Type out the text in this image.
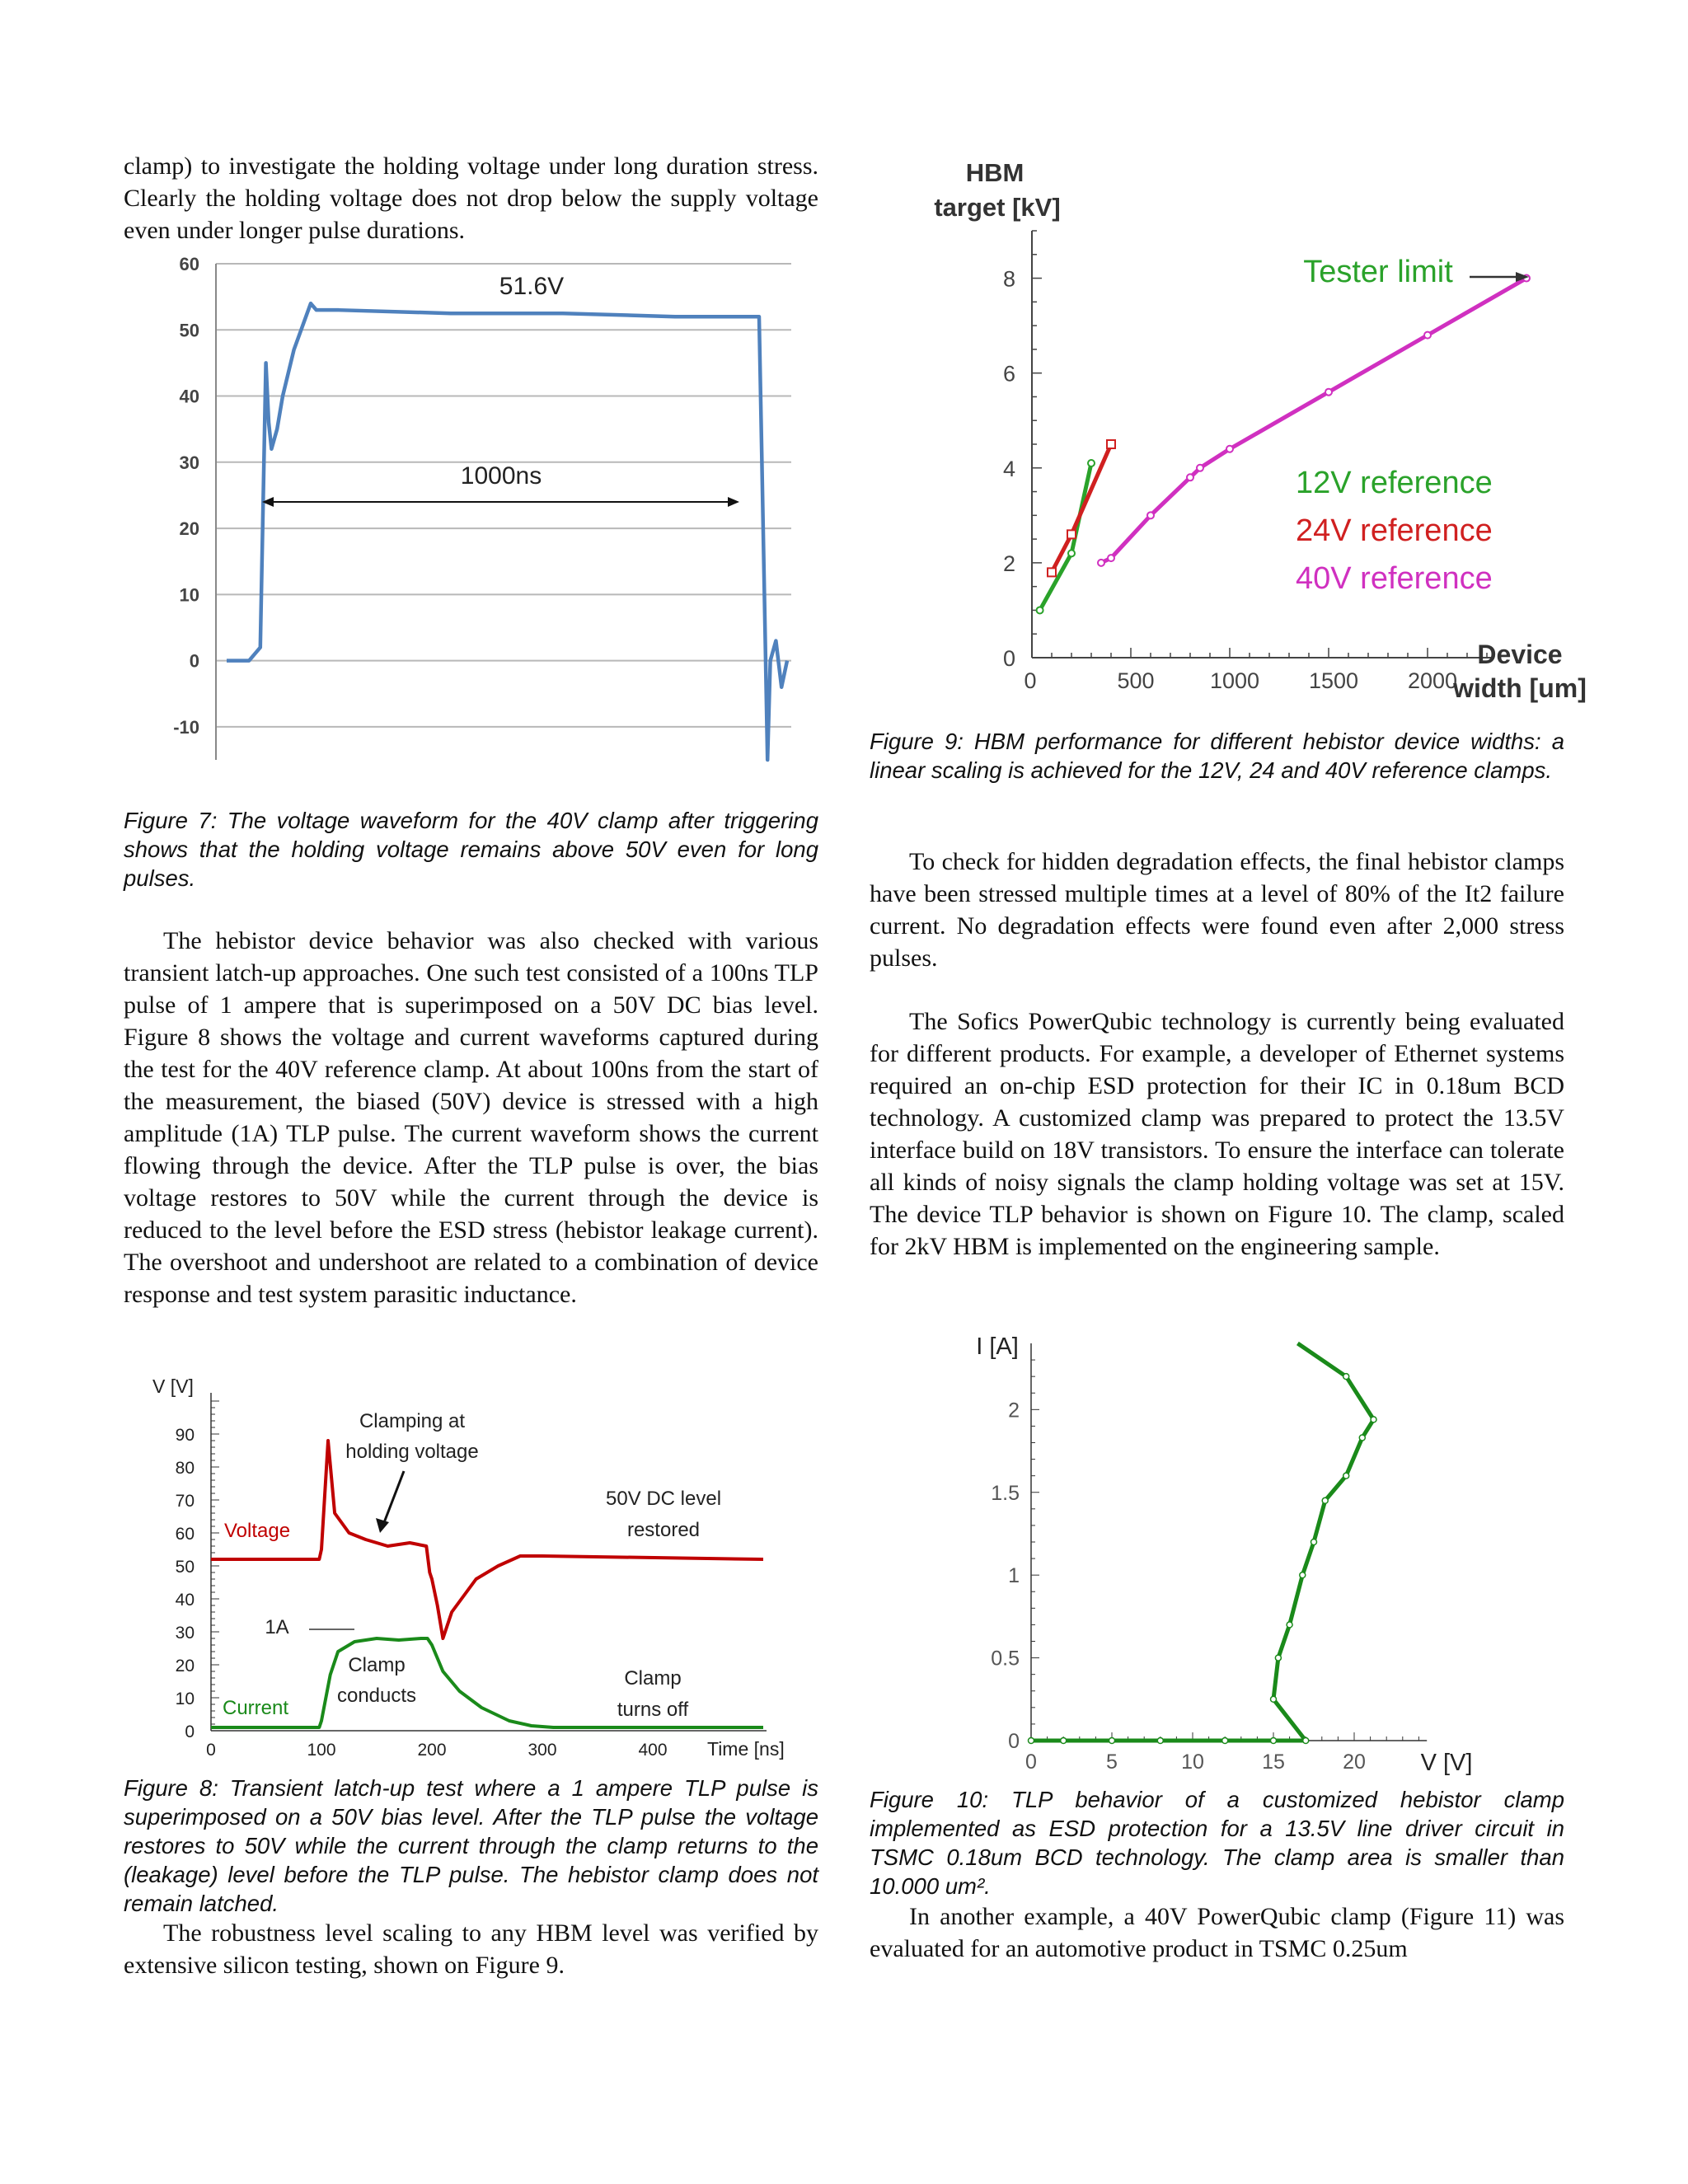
clamp) to investigate the holding voltage under long duration stress. Clearly the holding voltage does not drop below the supply voltage even under longer pulse durations.

60
50
40
30
20
10
0
-10
51.6V
1000ns
Figure 7: The voltage waveform for the 40V clamp after triggering shows that the holding voltage remains above 50V even for long pulses.

The hebistor device behavior was also checked with various transient latch-up approaches. One such test consisted of a 100ns TLP pulse of 1 ampere that is superimposed on a 50V DC bias level. Figure 8 shows the voltage and current waveforms captured during the test for the 40V reference clamp. At about 100ns from the start of the measurement, the biased (50V) device is stressed with a high amplitude (1A) TLP pulse. The current waveform shows the current flowing through the device. After the TLP pulse is over, the bias voltage restores to 50V while the current through the device is reduced to the level before the ESD stress (hebistor leakage current). The overshoot and undershoot are related to a combination of device response and test system parasitic inductance.

V [V]
90
80
70
60
50
40
30
20
10
0
0	100	200	300	400 Time [ns]
Voltage
Current
Clamping at
holding voltage
50V DC level
restored
1A
Clamp
conducts
Clamp
turns off
Figure 8: Transient latch-up test where a 1 ampere TLP pulse is superimposed on a 50V bias level. After the TLP pulse the voltage restores to 50V while the current through the clamp returns to the (leakage) level before the TLP pulse. The hebistor clamp does not remain latched.

The robustness level scaling to any HBM level was verified by extensive silicon testing, shown on Figure 9.

HBM
target [kV]
0
2
4
6
8
0	500 1000 1500 2000
Device
width [um]
12V reference
24V reference
40V reference
Tester limit
Figure 9: HBM performance for different hebistor device widths: a linear scaling is achieved for the 12V, 24 and 40V reference clamps.

To check for hidden degradation effects, the final hebistor clamps have been stressed multiple times at a level of 80% of the It2 failure current. No degradation effects were found even after 2,000 stress pulses.

The Sofics PowerQubic technology is currently being evaluated for different products. For example, a developer of Ethernet systems required an on-chip ESD protection for their IC in 0.18um BCD technology. A customized clamp was prepared to protect the 13.5V interface build on 18V transistors. To ensure the interface can tolerate all kinds of noisy signals the clamp holding voltage was set at 15V. The device TLP behavior is shown on Figure 10. The clamp, scaled for 2kV HBM is implemented on the engineering sample.

I [A]
0
0.5
1
1.5
2
0	5	10	15	20 V [V]
Figure 10: TLP behavior of a customized hebistor clamp implemented as ESD protection for a 13.5V line driver circuit in TSMC 0.18um BCD technology. The clamp area is smaller than 10.000 um².

In another example, a 40V PowerQubic clamp (Figure 11) was evaluated for an automotive product in TSMC 0.25um
